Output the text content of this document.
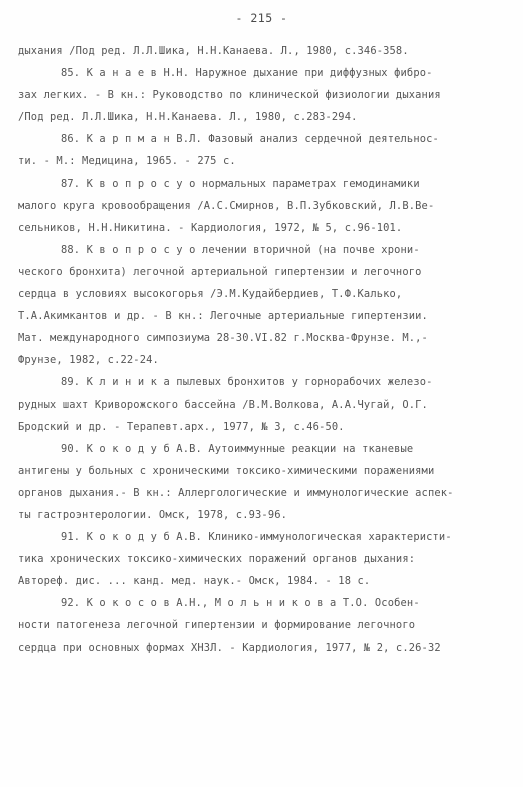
- 215 -
дыхания /Под ред. Л.Л.Шика, Н.Н.Канаева. Л., 1980, с.346-358.
85. К а н а е в Н.Н. Наружное дыхание при диффузных фибро-
зах легких. - В кн.: Руководство по клинической физиологии дыхания
/Под ред. Л.Л.Шика, Н.Н.Канаева. Л., 1980, с.283-294.
86. К а р п м а н В.Л. Фазовый анализ сердечной деятельнос-
ти. - М.: Медицина, 1965. - 275 с.
87. К в о п р о с у о нормальных параметрах гемодинамики
малого круга кровообращения /А.С.Смирнов, В.П.Зубковский, Л.В.Ве-
сельников, Н.Н.Никитина. - Кардиология, 1972, № 5, с.96-101.
88. К в о п р о с у о лечении вторичной (на почве хрони-
ческого бронхита) легочной артериальной гипертензии и легочного
сердца в условиях высокогорья /Э.М.Кудайбердиев, Т.Ф.Калько,
Т.А.Акимкантов и др. - В кн.: Легочные артериальные гипертензии.
Мат. международного симпозиума 28-30.VI.82 г.Москва-Фрунзе. М.,-
Фрунзе, 1982, с.22-24.
89. К л и н и к а пылевых бронхитов у горнорабочих железо-
рудных шахт Криворожского бассейна /В.М.Волкова, А.А.Чугай, О.Г.
Бродский и др. - Терапевт.арх., 1977, № 3, с.46-50.
90. К о к о д у б А.В. Аутоиммунные реакции на тканевые
антигены у больных с хроническими токсико-химическими поражениями
органов дыхания.- В кн.: Аллергологические и иммунологические аспек-
ты гастроэнтерологии. Омск, 1978, с.93-96.
91. К о к о д у б А.В. Клинико-иммунологическая характеристи-
тика хронических токсико-химических поражений органов дыхания:
Автореф. дис. ... канд. мед. наук.- Омск, 1984. - 18 с.
92. К о к о с о в А.Н., М о л ь н и к о в а Т.О. Особен-
ности патогенеза легочной гипертензии и формирование легочного
сердца при основных формах ХНЗЛ. - Кардиология, 1977, № 2, с.26-32
